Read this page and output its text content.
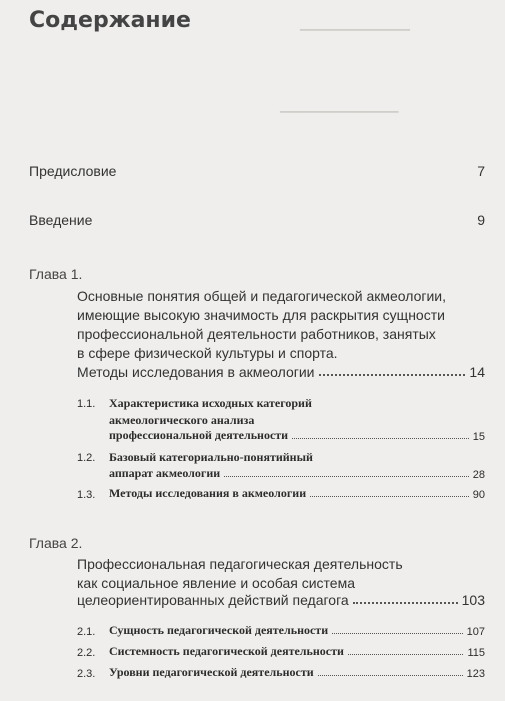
▁▁▁▁▁▁▁▁▁▁▁▁▁
▁▁▁▁▁▁▁▁▁▁▁▁▁▁
Содержание
Предисловие	7
Введение	9
Глава 1.
Основные понятия общей и педагогической акмеологии,
имеющие высокую значимость для раскрытия сущности
профессиональной деятельности работников, занятых
в сфере физической культуры и спорта.
Методы исследования в акмеологии	14
1.1. Характеристика исходных категорий
акмеологического анализа
профессиональной деятельности	15
1.2. Базовый категориально-понятийный
аппарат акмеологии	28
1.3.	Методы исследования в акмеологии	90
Глава 2.
Профессиональная педагогическая деятельность
как социальное явление и особая система
целеориентированных действий педагога	103
2.1.	Сущность педагогической деятельности	107
2.2.	Системность педагогической деятельности	115
2.3.	Уровни педагогической деятельности	123
